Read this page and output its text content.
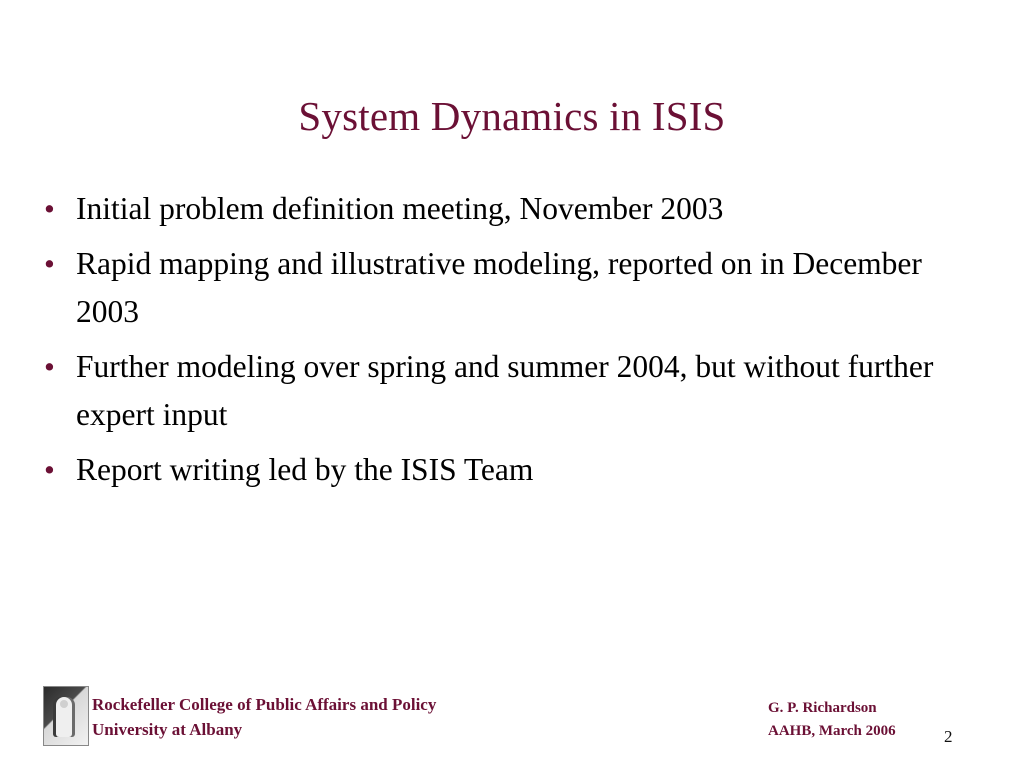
System Dynamics in ISIS
• Initial problem definition meeting, November 2003
• Rapid mapping and illustrative modeling, reported on in December 2003
• Further modeling over spring and summer 2004, but without further expert input
• Report writing led by the ISIS Team
Rockefeller College of Public Affairs and Policy
University at Albany
G. P. Richardson
AAHB, March 2006	2
